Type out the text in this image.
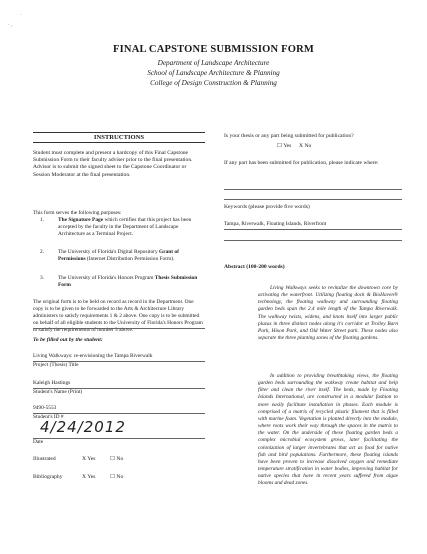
· ,
·
FINAL CAPSTONE SUBMISSION FORM
Department of Landscape Architecture
School of Landscape Architecture & Planning
College of Design Construction & Planning
INSTRUCTIONS
Student must complete and present a hardcopy of this Final Capstone Submission Form to their faculty adviser prior to the final presentation. Advisor is to submit the signed sheet to the Capstone Coordinator or Session Moderator at the final presentation.
This form serves the following purposes:
1.	The Signature Page which certifies that this project has been accepted by the faculty in the Department of Landscape Architecture as a Terminal Project.
2.	The University of Florida's Digital Repository Grant of Permissions (Internet Distribution Permission Form).
3.	The University of Florida's Honors Program Thesis Submission Form
The original form is to be held on record as record in the Department. One copy is to be given to be forwarded to the Arts & Architecture Library administers to satisfy requirements 1 & 2 above. One copy is to be submitted on behalf of all eligible students to the University of Florida's Honors Program to satisfy the requirements of number 3 above.
To be filled out by the student:
Living Walkways: re-envisioning the Tampa Riverwalk
Project (Thesis) Title
Kaleigh Hastings
Student's Name (Print)
9490-5553
Student's ID #
4/24/2012
Date
Illustrated	X Yes	☐ No
Bibliography	X Yes	☐ No
Is your thesis or any part being submitted for publication?
☐ Yes X No
If any part has been submitted for publication, please indicate where:
Keywords (please provide five words)
Tampa, Riverwalk, Floating Islands, Riverfront
Abstract (100-200 words)
Living Walkways seeks to revitalize the downtown core by activating the waterfront. Utilizing floating dock & BioHaven® technology, the floating walkway and surrounding floating garden beds span the 2.4 mile length of the Tampa Riverwalk. The walkway twists, widens, and knots itself into larger public plazas in three distinct nodes along it's corridor at Trolley Barn Park, Hixon Park, and Old Water Street park. These nodes also separate the three planting zones of the floating gardens.
In addition to providing breathtaking views, the floating garden beds surrounding the walkway create habitat and help filter and clean the river itself. The beds, made by Floating Islands International, are constructed in a modular fashion to more easily facilitate installation in phases. Each module is comprised of a matrix of recycled plastic filament that is filled with marine foam. Vegetation is planted directly into the module, where roots work their way through the spaces in the matrix to the water. On the underside of these floating garden beds a complex microbial ecosystem grows, later facilitating the colonization of larger invertebrates that act as food for native fish and bird populations. Furthermore, these floating islands have been proven to increase dissolved oxygen and remediate temperature stratification in water bodies, improving habitat for native species that have in recent years suffered from algae blooms and dead zones.
